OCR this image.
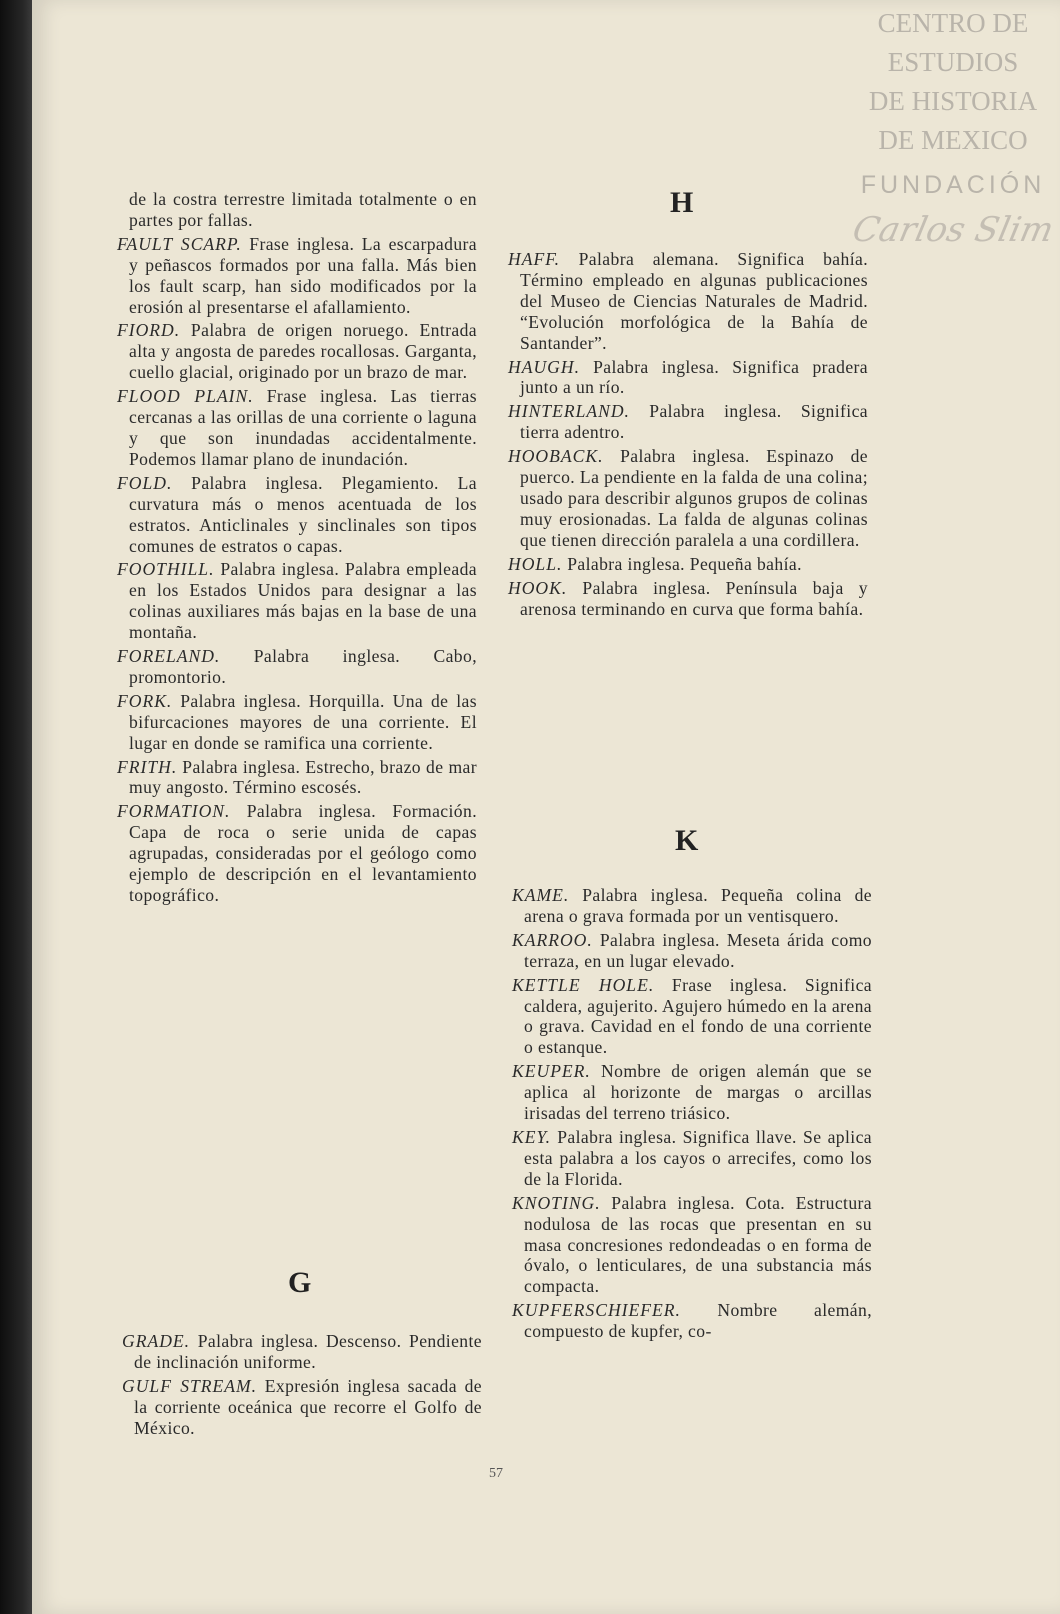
CENTRO DE
ESTUDIOS
DE HISTORIA
DE MEXICO
FUNDACIÓN
Carlos Slim
H
K
G

de la costra terrestre limitada totalmente o en partes por fallas.

FAULT SCARP. Frase inglesa. La escarpadura y peñascos formados por una falla. Más bien los fault scarp, han sido modificados por la erosión al presentarse el afallamiento.

FIORD. Palabra de origen noruego. Entrada alta y angosta de paredes rocallosas. Garganta, cuello glacial, originado por un brazo de mar.

FLOOD PLAIN. Frase inglesa. Las tierras cercanas a las orillas de una corriente o laguna y que son inundadas accidentalmente. Podemos llamar plano de inundación.

FOLD. Palabra inglesa. Plegamiento. La curvatura más o menos acentuada de los estratos. Anticlinales y sinclinales son tipos comunes de estratos o capas.

FOOTHILL. Palabra inglesa. Palabra empleada en los Estados Unidos para designar a las colinas auxiliares más bajas en la base de una montaña.

FORELAND. Palabra inglesa. Cabo, promontorio.

FORK. Palabra inglesa. Horquilla. Una de las bifurcaciones mayores de una corriente. El lugar en donde se ramifica una corriente.

FRITH. Palabra inglesa. Estrecho, brazo de mar muy angosto. Término escosés.

FORMATION. Palabra inglesa. Formación. Capa de roca o serie unida de capas agrupadas, consideradas por el geólogo como ejemplo de descripción en el levantamiento topográfico.

GRADE. Palabra inglesa. Descenso. Pendiente de inclinación uniforme.

GULF STREAM. Expresión inglesa sacada de la corriente oceánica que recorre el Golfo de México.

HAFF. Palabra alemana. Significa bahía. Término empleado en algunas publicaciones del Museo de Ciencias Naturales de Madrid. “Evolución morfológica de la Bahía de Santander”.

HAUGH. Palabra inglesa. Significa pradera junto a un río.

HINTERLAND. Palabra inglesa. Significa tierra adentro.

HOOBACK. Palabra inglesa. Espinazo de puerco. La pendiente en la falda de una colina; usado para describir algunos grupos de colinas muy erosionadas. La falda de algunas colinas que tienen dirección paralela a una cordillera.

HOLL. Palabra inglesa. Pequeña bahía.

HOOK. Palabra inglesa. Península baja y arenosa terminando en curva que forma bahía.

KAME. Palabra inglesa. Pequeña colina de arena o grava formada por un ventisquero.

KARROO. Palabra inglesa. Meseta árida como terraza, en un lugar elevado.

KETTLE HOLE. Frase inglesa. Significa caldera, agujerito. Agujero húmedo en la arena o grava. Cavidad en el fondo de una corriente o estanque.

KEUPER. Nombre de origen alemán que se aplica al horizonte de margas o arcillas irisadas del terreno triásico.

KEY. Palabra inglesa. Significa llave. Se aplica esta palabra a los cayos o arrecifes, como los de la Florida.

KNOTING. Palabra inglesa. Cota. Estructura nodulosa de las rocas que presentan en su masa concresiones redondeadas o en forma de óvalo, o lenticulares, de una substancia más compacta.

KUPFERSCHIEFER. Nombre alemán, compuesto de kupfer, co-

57
